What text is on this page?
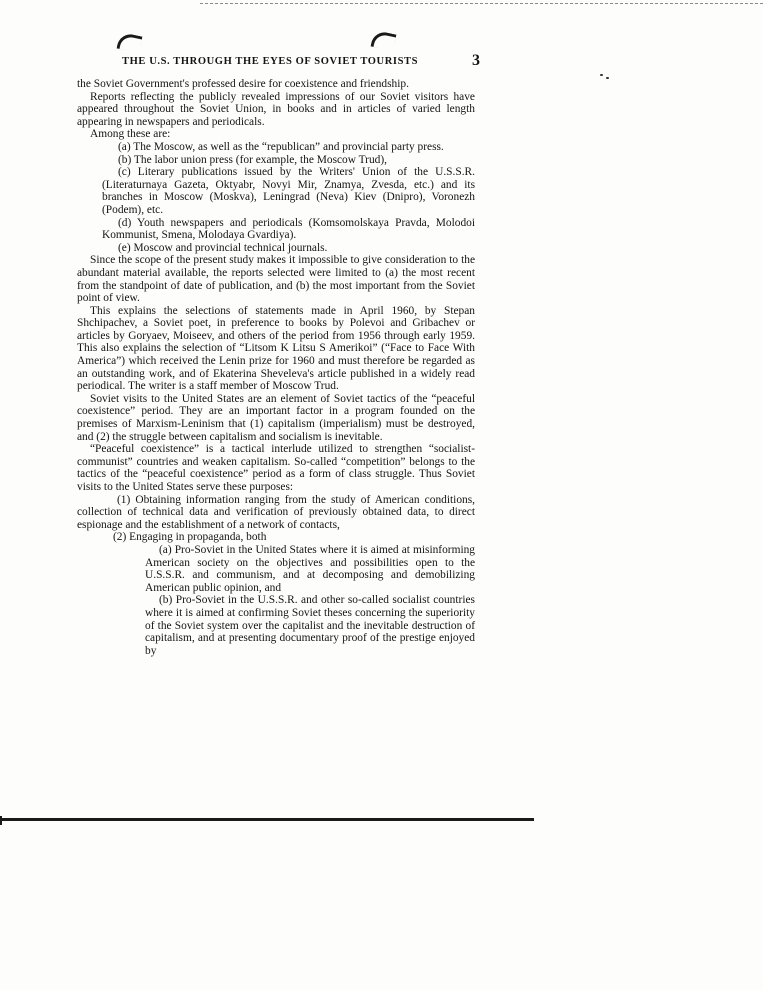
THE U.S. THROUGH THE EYES OF SOVIET TOURISTS	3

the Soviet Government's professed desire for coexistence and friendship.

Reports reflecting the publicly revealed impressions of our Soviet visitors have appeared throughout the Soviet Union, in books and in articles of varied length appearing in newspapers and periodicals.

Among these are:

(a) The Moscow, as well as the “republican” and provincial party press.

(b) The labor union press (for example, the Moscow Trud),

(c) Literary publications issued by the Writers' Union of the U.S.S.R. (Literaturnaya Gazeta, Oktyabr, Novyi Mir, Znamya, Zvesda, etc.) and its branches in Moscow (Moskva), Leningrad (Neva) Kiev (Dnipro), Voronezh (Podem), etc.

(d) Youth newspapers and periodicals (Komsomolskaya Pravda, Molodoi Kommunist, Smena, Molodaya Gvardiya).

(e) Moscow and provincial technical journals.

Since the scope of the present study makes it impossible to give consideration to the abundant material available, the reports selected were limited to (a) the most recent from the standpoint of date of publication, and (b) the most important from the Soviet point of view.

This explains the selections of statements made in April 1960, by Stepan Shchipachev, a Soviet poet, in preference to books by Polevoi and Gribachev or articles by Goryaev, Moiseev, and others of the period from 1956 through early 1959. This also explains the selection of “Litsom K Litsu S Amerikoi” (“Face to Face With America”) which received the Lenin prize for 1960 and must therefore be regarded as an outstanding work, and of Ekaterina Sheveleva's article published in a widely read periodical. The writer is a staff member of Moscow Trud.

Soviet visits to the United States are an element of Soviet tactics of the “peaceful coexistence” period. They are an important factor in a program founded on the premises of Marxism-Leninism that (1) capitalism (imperialism) must be destroyed, and (2) the struggle between capitalism and socialism is inevitable.

“Peaceful coexistence” is a tactical interlude utilized to strengthen “socialist-communist” countries and weaken capitalism. So-called “competition” belongs to the tactics of the “peaceful coexistence” period as a form of class struggle. Thus Soviet visits to the United States serve these purposes:

(1) Obtaining information ranging from the study of American conditions, collection of technical data and verification of previously obtained data, to direct espionage and the establishment of a network of contacts,

(2) Engaging in propaganda, both

(a) Pro-Soviet in the United States where it is aimed at misinforming American society on the objectives and possibilities open to the U.S.S.R. and communism, and at decomposing and demobilizing American public opinion, and

(b) Pro-Soviet in the U.S.S.R. and other so-called socialist countries where it is aimed at confirming Soviet theses concerning the superiority of the Soviet system over the capitalist and the inevitable destruction of capitalism, and at presenting documentary proof of the prestige enjoyed by
